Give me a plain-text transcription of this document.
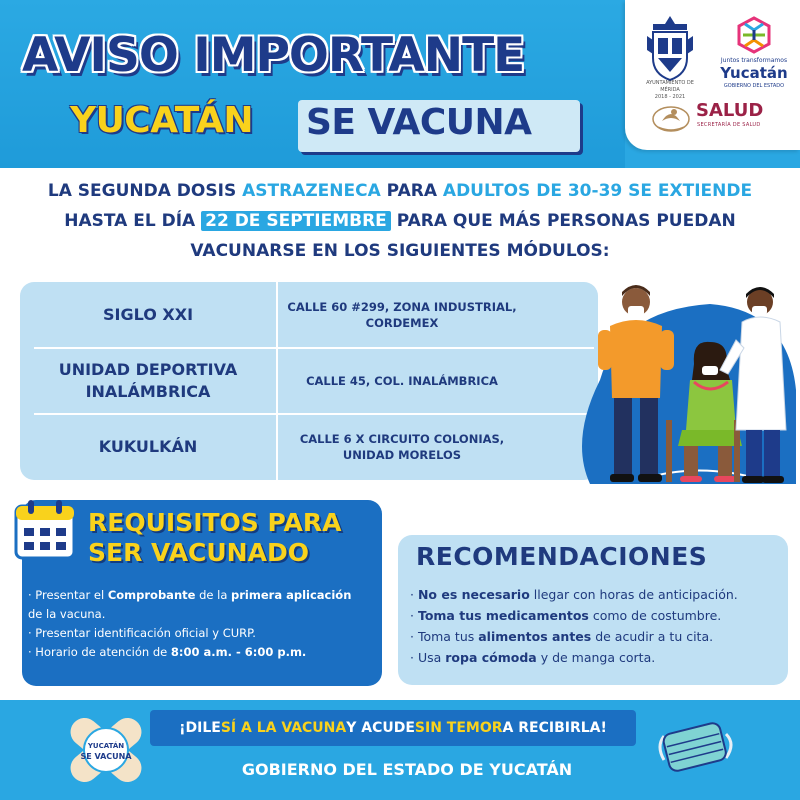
AVISO IMPORTANTE
YUCATÁN SE VACUNA
AYUNTAMIENTO DE MÉRIDA
2018 - 2021
Juntos transformamos
Yucatán
GOBIERNO DEL ESTADO
SALUD
SECRETARÍA DE SALUD
LA SEGUNDA DOSIS ASTRAZENECA PARA ADULTOS DE 30-39 SE EXTIENDE
HASTA EL DÍA 22 DE SEPTIEMBRE PARA QUE MÁS PERSONAS PUEDAN
VACUNARSE EN LOS SIGUIENTES MÓDULOS:
SIGLO XXI	CALLE 60 #299, ZONA INDUSTRIAL,
CORDEMEX
UNIDAD DEPORTIVA
INALÁMBRICA
CALLE 45, COL. INALÁMBRICA
KUKULKÁN	CALLE 6 X CIRCUITO COLONIAS,
UNIDAD MORELOS
REQUISITOS PARA
SER VACUNADO
· Presentar el Comprobante de la primera aplicación
de la vacuna.
· Presentar identificación oficial y CURP.
· Horario de atención de 8:00 a.m. - 6:00 p.m.
RECOMENDACIONES
· No es necesario llegar con horas de anticipación.
· Toma tus medicamentos como de costumbre.
· Toma tus alimentos antes de acudir a tu cita.
· Usa ropa cómoda y de manga corta.
YUCATÁN
SE VACUNA
¡DILE SÍ A LA VACUNA Y ACUDE SIN TEMOR A RECIBIRLA!
GOBIERNO DEL ESTADO DE YUCATÁN
